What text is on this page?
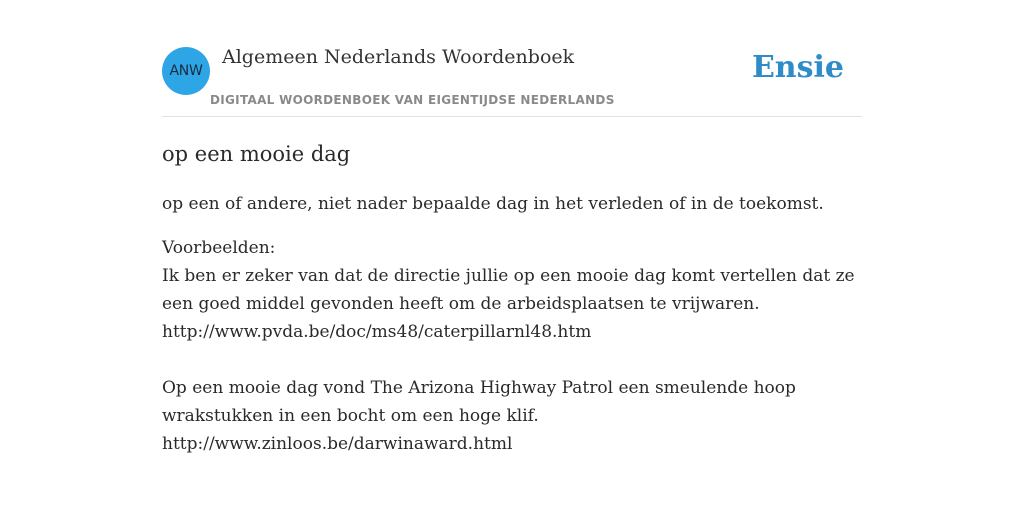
ANW
Algemeen Nederlands Woordenboek
DIGITAAL WOORDENBOEK VAN EIGENTIJDSE NEDERLANDS
Ensie
op een mooie dag

op een of andere, niet nader bepaalde dag in het verleden of in de toekomst.

Voorbeelden:
Ik ben er zeker van dat de directie jullie op een mooie dag komt vertellen dat ze
een goed middel gevonden heeft om de arbeidsplaatsen te vrijwaren.
http://www.pvda.be/doc/ms48/caterpillarnl48.htm
Op een mooie dag vond The Arizona Highway Patrol een smeulende hoop
wrakstukken in een bocht om een hoge klif.
http://www.zinloos.be/darwinaward.html
